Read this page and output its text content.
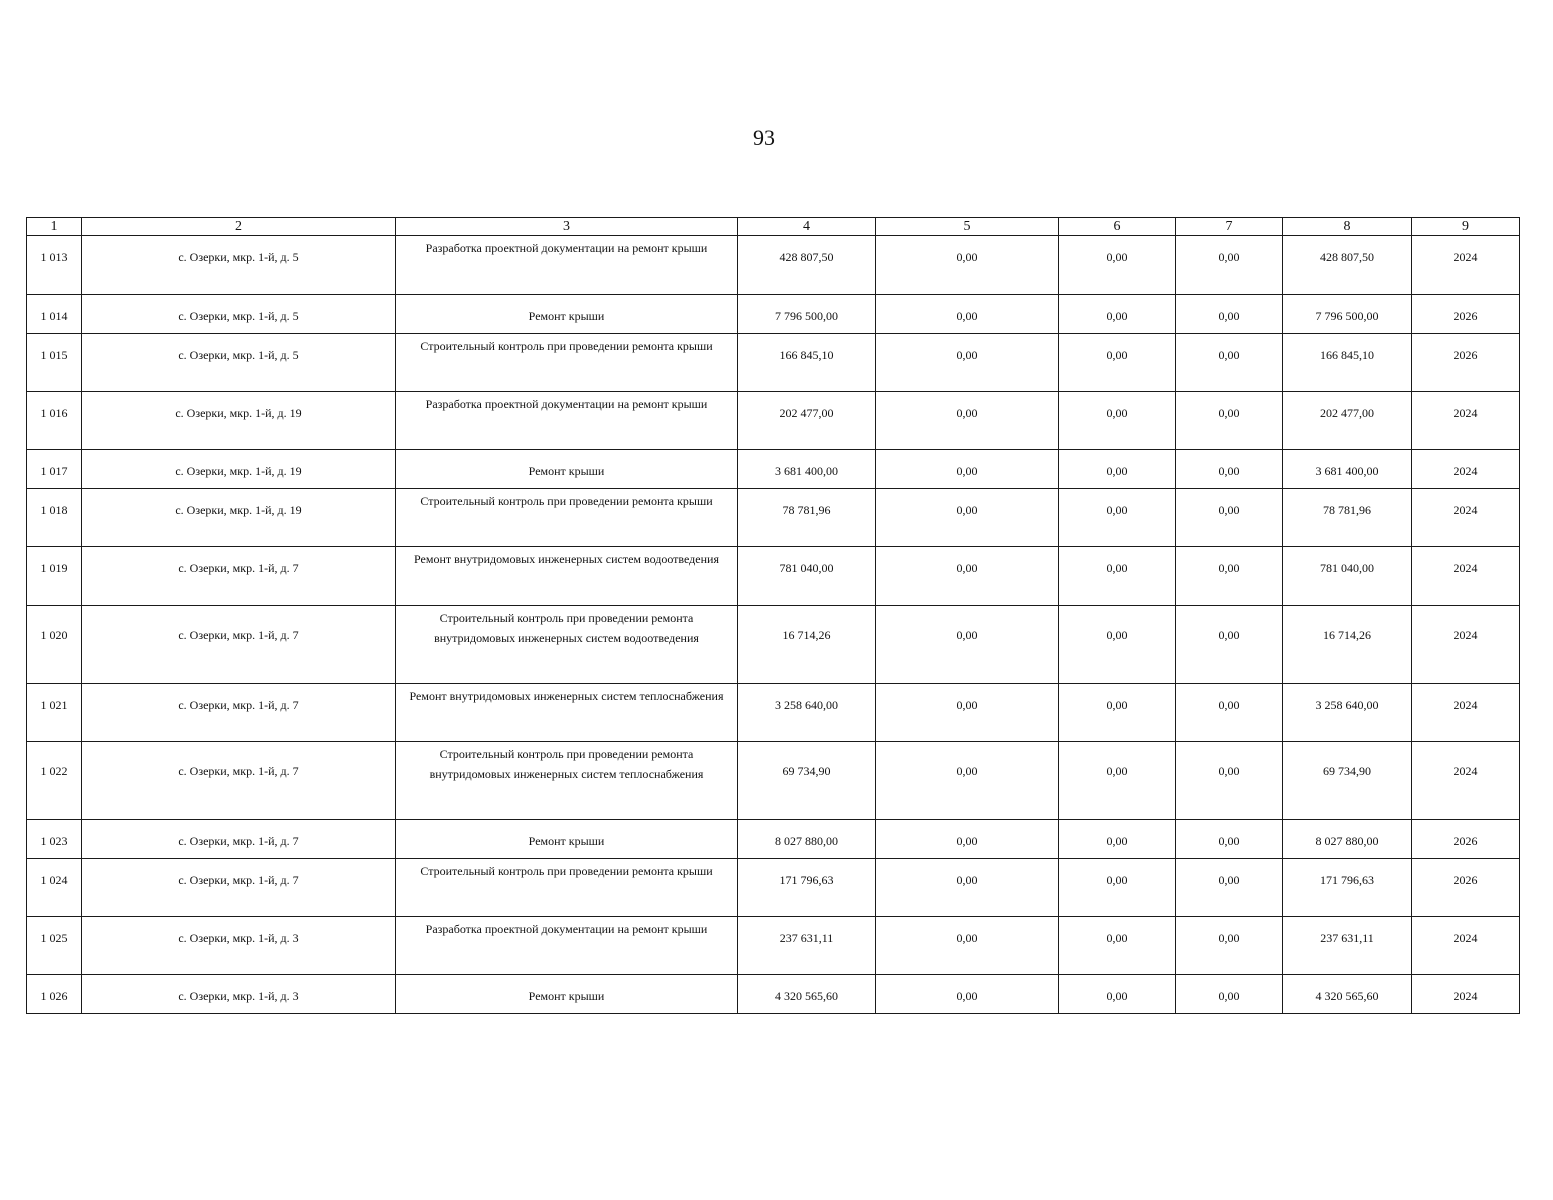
93
1	2	3	4	5	6	7	8	9
1 013	с. Озерки, мкр. 1-й, д. 5	Разработка проектной документации на ремонт крыши	428 807,50	0,00	0,00	0,00	428 807,50	2024
1 014	с. Озерки, мкр. 1-й, д. 5	Ремонт крыши	7 796 500,00	0,00	0,00	0,00	7 796 500,00	2026
1 015	с. Озерки, мкр. 1-й, д. 5	Строительный контроль при проведении ремонта крыши	166 845,10	0,00	0,00	0,00	166 845,10	2026
1 016	с. Озерки, мкр. 1-й, д. 19	Разработка проектной документации на ремонт крыши	202 477,00	0,00	0,00	0,00	202 477,00	2024
1 017	с. Озерки, мкр. 1-й, д. 19	Ремонт крыши	3 681 400,00	0,00	0,00	0,00	3 681 400,00	2024
1 018	с. Озерки, мкр. 1-й, д. 19	Строительный контроль при проведении ремонта крыши	78 781,96	0,00	0,00	0,00	78 781,96	2024
1 019	с. Озерки, мкр. 1-й, д. 7	Ремонт внутридомовых инженерных систем водоотведения	781 040,00	0,00	0,00	0,00	781 040,00	2024
1 020	с. Озерки, мкр. 1-й, д. 7	Строительный контроль при проведении ремонта внутридомовых инженерных систем водоотведения	16 714,26	0,00	0,00	0,00	16 714,26	2024
1 021	с. Озерки, мкр. 1-й, д. 7	Ремонт внутридомовых инженерных систем теплоснабжения	3 258 640,00	0,00	0,00	0,00	3 258 640,00	2024
1 022	с. Озерки, мкр. 1-й, д. 7	Строительный контроль при проведении ремонта внутридомовых инженерных систем теплоснабжения	69 734,90	0,00	0,00	0,00	69 734,90	2024
1 023	с. Озерки, мкр. 1-й, д. 7	Ремонт крыши	8 027 880,00	0,00	0,00	0,00	8 027 880,00	2026
1 024	с. Озерки, мкр. 1-й, д. 7	Строительный контроль при проведении ремонта крыши	171 796,63	0,00	0,00	0,00	171 796,63	2026
1 025	с. Озерки, мкр. 1-й, д. 3	Разработка проектной документации на ремонт крыши	237 631,11	0,00	0,00	0,00	237 631,11	2024
1 026	с. Озерки, мкр. 1-й, д. 3	Ремонт крыши	4 320 565,60	0,00	0,00	0,00	4 320 565,60	2024
